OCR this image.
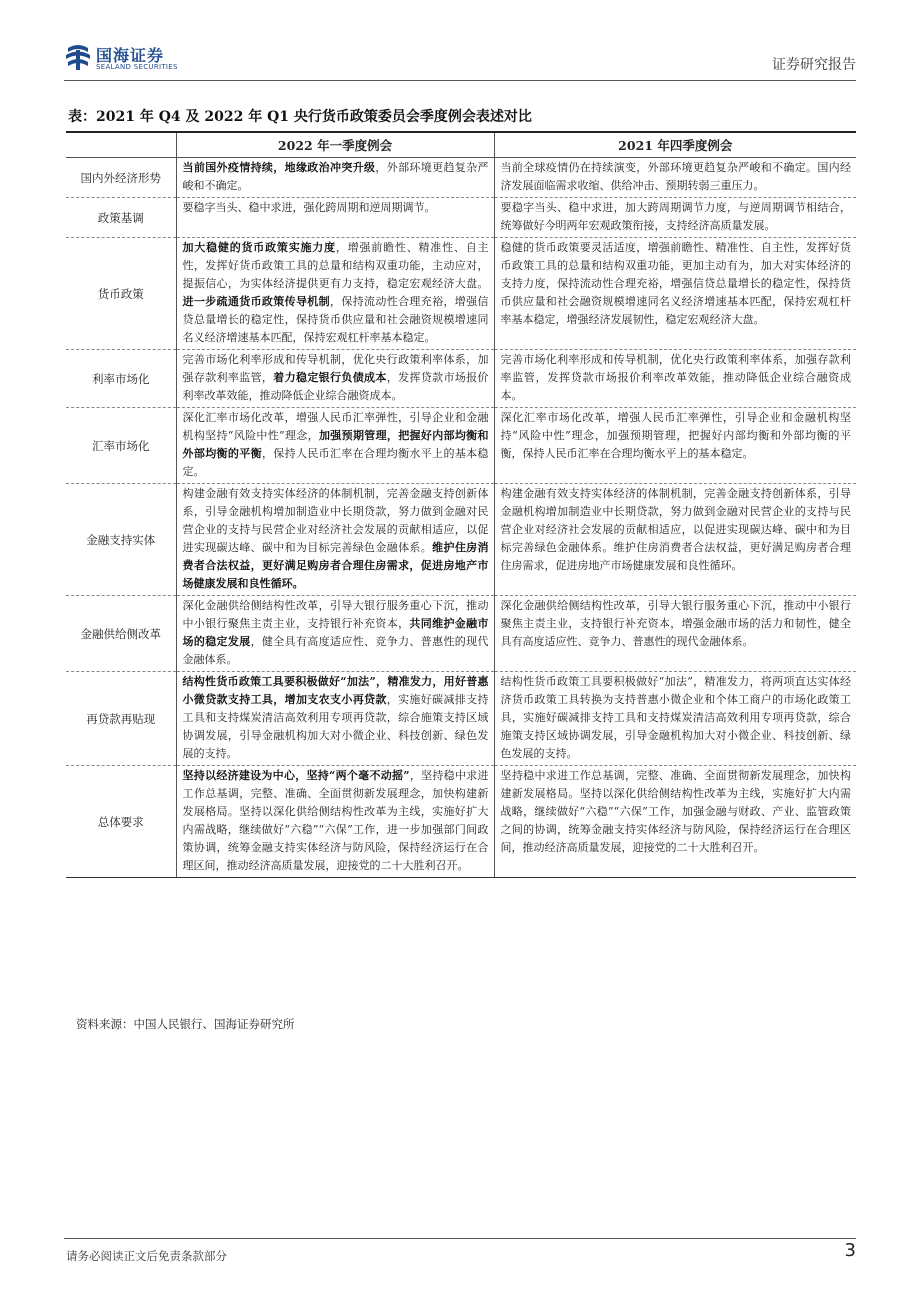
国海证券
SEALAND SECURITIES	证券研究报告
表：2021 年 Q4 及 2022 年 Q1 央行货币政策委员会季度例会表述对比
	2022 年一季度例会	2021 年四季度例会
国内外经济形势	当前国外疫情持续，地缘政治冲突升级，外部环境更趋复杂严峻和不确定。	当前全球疫情仍在持续演变，外部环境更趋复杂严峻和不确定。国内经济发展面临需求收缩、供给冲击、预期转弱三重压力。
政策基调	要稳字当头、稳中求进，强化跨周期和逆周期调节。	要稳字当头、稳中求进，加大跨周期调节力度，与逆周期调节相结合，统筹做好今明两年宏观政策衔接，支持经济高质量发展。
货币政策	加大稳健的货币政策实施力度，增强前瞻性、精准性、自主性，发挥好货币政策工具的总量和结构双重功能，主动应对，提振信心，为实体经济提供更有力支持，稳定宏观经济大盘。进一步疏通货币政策传导机制，保持流动性合理充裕，增强信贷总量增长的稳定性，保持货币供应量和社会融资规模增速同名义经济增速基本匹配，保持宏观杠杆率基本稳定。	稳健的货币政策要灵活适度，增强前瞻性、精准性、自主性，发挥好货币政策工具的总量和结构双重功能，更加主动有为，加大对实体经济的支持力度，保持流动性合理充裕，增强信贷总量增长的稳定性，保持货币供应量和社会融资规模增速同名义经济增速基本匹配，保持宏观杠杆率基本稳定，增强经济发展韧性，稳定宏观经济大盘。
利率市场化	完善市场化利率形成和传导机制，优化央行政策利率体系，加强存款利率监管，着力稳定银行负债成本，发挥贷款市场报价利率改革效能，推动降低企业综合融资成本。	完善市场化利率形成和传导机制，优化央行政策利率体系，加强存款利率监管，发挥贷款市场报价利率改革效能，推动降低企业综合融资成本。
汇率市场化	深化汇率市场化改革，增强人民币汇率弹性，引导企业和金融机构坚持“风险中性”理念，加强预期管理，把握好内部均衡和外部均衡的平衡，保持人民币汇率在合理均衡水平上的基本稳定。	深化汇率市场化改革，增强人民币汇率弹性，引导企业和金融机构坚持“风险中性”理念，加强预期管理，把握好内部均衡和外部均衡的平衡，保持人民币汇率在合理均衡水平上的基本稳定。
金融支持实体	构建金融有效支持实体经济的体制机制，完善金融支持创新体系，引导金融机构增加制造业中长期贷款，努力做到金融对民营企业的支持与民营企业对经济社会发展的贡献相适应，以促进实现碳达峰、碳中和为目标完善绿色金融体系。维护住房消费者合法权益，更好满足购房者合理住房需求，促进房地产市场健康发展和良性循环。	构建金融有效支持实体经济的体制机制，完善金融支持创新体系，引导金融机构增加制造业中长期贷款，努力做到金融对民营企业的支持与民营企业对经济社会发展的贡献相适应，以促进实现碳达峰、碳中和为目标完善绿色金融体系。维护住房消费者合法权益，更好满足购房者合理住房需求，促进房地产市场健康发展和良性循环。
金融供给侧改革	深化金融供给侧结构性改革，引导大银行服务重心下沉，推动中小银行聚焦主责主业，支持银行补充资本，共同维护金融市场的稳定发展，健全具有高度适应性、竞争力、普惠性的现代金融体系。	深化金融供给侧结构性改革，引导大银行服务重心下沉，推动中小银行聚焦主责主业，支持银行补充资本，增强金融市场的活力和韧性，健全具有高度适应性、竞争力、普惠性的现代金融体系。
再贷款再贴现	结构性货币政策工具要积极做好“加法”，精准发力，用好普惠小微贷款支持工具，增加支农支小再贷款，实施好碳减排支持工具和支持煤炭清洁高效利用专项再贷款，综合施策支持区域协调发展，引导金融机构加大对小微企业、科技创新、绿色发展的支持。	结构性货币政策工具要积极做好“加法”，精准发力，将两项直达实体经济货币政策工具转换为支持普惠小微企业和个体工商户的市场化政策工具，实施好碳减排支持工具和支持煤炭清洁高效利用专项再贷款，综合施策支持区域协调发展，引导金融机构加大对小微企业、科技创新、绿色发展的支持。
总体要求	坚持以经济建设为中心，坚持“两个毫不动摇”，坚持稳中求进工作总基调，完整、准确、全面贯彻新发展理念，加快构建新发展格局。坚持以深化供给侧结构性改革为主线，实施好扩大内需战略，继续做好“六稳”“六保”工作，进一步加强部门间政策协调，统筹金融支持实体经济与防风险，保持经济运行在合理区间，推动经济高质量发展，迎接党的二十大胜利召开。	坚持稳中求进工作总基调，完整、准确、全面贯彻新发展理念，加快构建新发展格局。坚持以深化供给侧结构性改革为主线，实施好扩大内需战略，继续做好“六稳”“六保”工作，加强金融与财政、产业、监管政策之间的协调，统筹金融支持实体经济与防风险，保持经济运行在合理区间，推动经济高质量发展，迎接党的二十大胜利召开。
资料来源：中国人民银行、国海证券研究所
请务必阅读正文后免责条款部分	3
